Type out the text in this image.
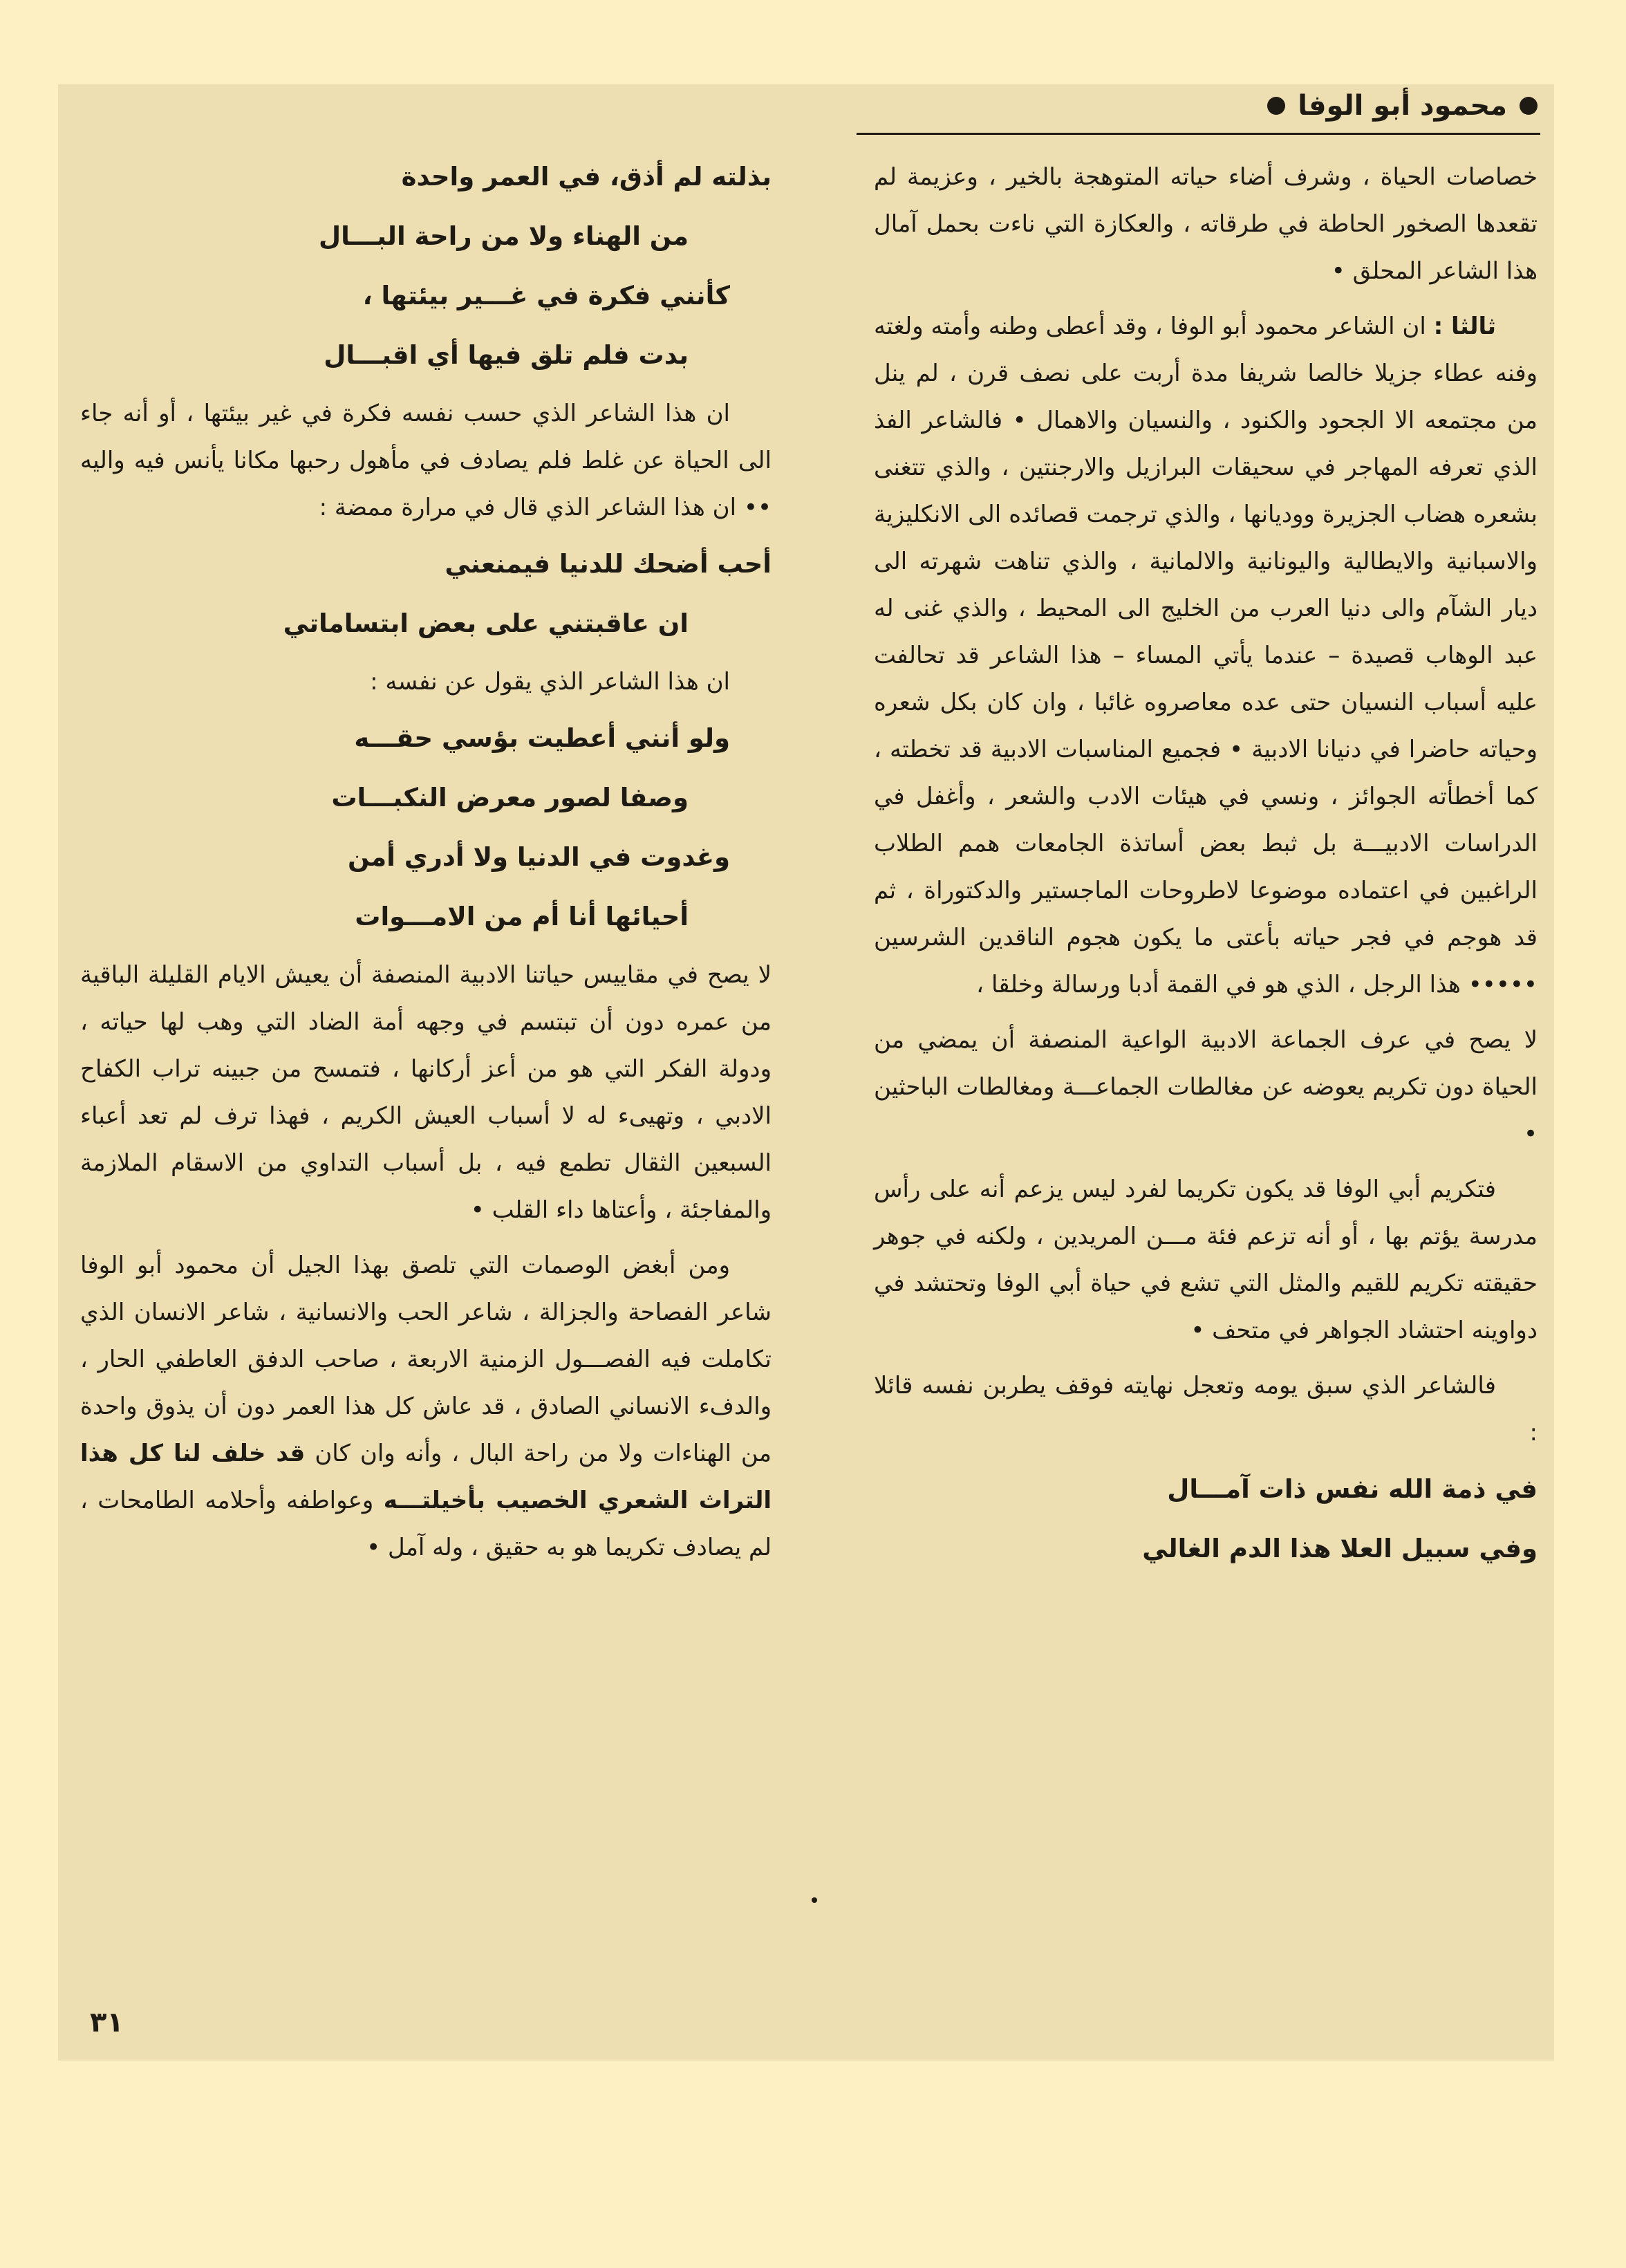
محمود أبو الوفا

خصاصات الحياة ، وشرف أضاء حياته المتوهجة بالخير ، وعزيمة لم تقعدها الصخور الحاطة في طرقاته ، والعكازة التي ناءت بحمل آمال هذا الشاعر المحلق •

ثالثا : ان الشاعر محمود أبو الوفا ، وقد أعطى وطنه وأمته ولغته وفنه عطاء جزيلا خالصا شريفا مدة أربت على نصف قرن ، لم ينل من مجتمعه الا الجحود والكنود ، والنسيان والاهمال • فالشاعر الفذ الذي تعرفه المهاجر في سحيقات البرازيل والارجنتين ، والذي تتغنى بشعره هضاب الجزيرة ووديانها ، والذي ترجمت قصائده الى الانكليزية والاسبانية والايطالية واليونانية والالمانية ، والذي تناهت شهرته الى ديار الشآم والى دنيا العرب من الخليج الى المحيط ، والذي غنى له عبد الوهاب قصيدة – عندما يأتي المساء – هذا الشاعر قد تحالفت عليه أسباب النسيان حتى عده معاصروه غائبا ، وان كان بكل شعره وحياته حاضرا في دنيانا الادبية • فجميع المناسبات الادبية قد تخطته ، كما أخطأته الجوائز ، ونسي في هيئات الادب والشعر ، وأغفل في الدراسات الادبيـــة بل ثبط بعض أساتذة الجامعات همم الطلاب الراغبين في اعتماده موضوعا لاطروحات الماجستير والدكتوراة ، ثم قد هوجم في فجر حياته بأعتى ما يكون هجوم الناقدين الشرسين ••••• هذا الرجل ، الذي هو في القمة أدبا ورسالة وخلقا ،

لا يصح في عرف الجماعة الادبية الواعية المنصفة أن يمضي من الحياة دون تكريم يعوضه عن مغالطات الجماعـــة ومغالطات الباحثين •

فتكريم أبي الوفا قد يكون تكريما لفرد ليس يزعم أنه على رأس مدرسة يؤتم بها ، أو أنه تزعم فئة مـــن المريدين ، ولكنه في جوهر حقيقته تكريم للقيم والمثل التي تشع في حياة أبي الوفا وتحتشد في دواوينه احتشاد الجواهر في متحف •

فالشاعر الذي سبق يومه وتعجل نهايته فوقف يطربن نفسه قائلا :

في ذمة الله نفس ذات آمـــال
وفي سبيل العلا هذا الدم الغالي
بذلته لم أذق، في العمر واحدة
من الهناء ولا من راحة البـــال
كأنني فكرة في غـــير بيئتها ،
بدت فلم تلق فيها أي اقبـــال

ان هذا الشاعر الذي حسب نفسه فكرة في غير بيئتها ، أو أنه جاء الى الحياة عن غلط فلم يصادف في مأهول رحبها مكانا يأنس فيه واليه •• ان هذا الشاعر الذي قال في مرارة ممضة :

أحب أضحك للدنيا فيمنعني
ان عاقبتني على بعض ابتساماتي

ان هذا الشاعر الذي يقول عن نفسه :

ولو أنني أعطيت بؤسي حقـــه
وصفا لصور معرض النكبـــات
وغدوت في الدنيا ولا أدري أمن
أحيائها أنا أم من الامـــوات

لا يصح في مقاييس حياتنا الادبية المنصفة أن يعيش الايام القليلة الباقية من عمره دون أن تبتسم في وجهه أمة الضاد التي وهب لها حياته ، ودولة الفكر التي هو من أعز أركانها ، فتمسح من جبينه تراب الكفاح الادبي ، وتهيىء له لا أسباب العيش الكريم ، فهذا ترف لم تعد أعباء السبعين الثقال تطمع فيه ، بل أسباب التداوي من الاسقام الملازمة والمفاجئة ، وأعتاها داء القلب •

ومن أبغض الوصمات التي تلصق بهذا الجيل أن محمود أبو الوفا شاعر الفصاحة والجزالة ، شاعر الحب والانسانية ، شاعر الانسان الذي تكاملت فيه الفصـــول الزمنية الاربعة ، صاحب الدفق العاطفي الحار ، والدفء الانساني الصادق ، قد عاش كل هذا العمر دون أن يذوق واحدة من الهناءات ولا من راحة البال ، وأنه وان كان قد خلف لنا كل هذا التراث الشعري الخصيب بأخيلتـــه وعواطفه وأحلامه الطامحات ، لم يصادف تكريما هو به حقيق ، وله آمل •

٣١
